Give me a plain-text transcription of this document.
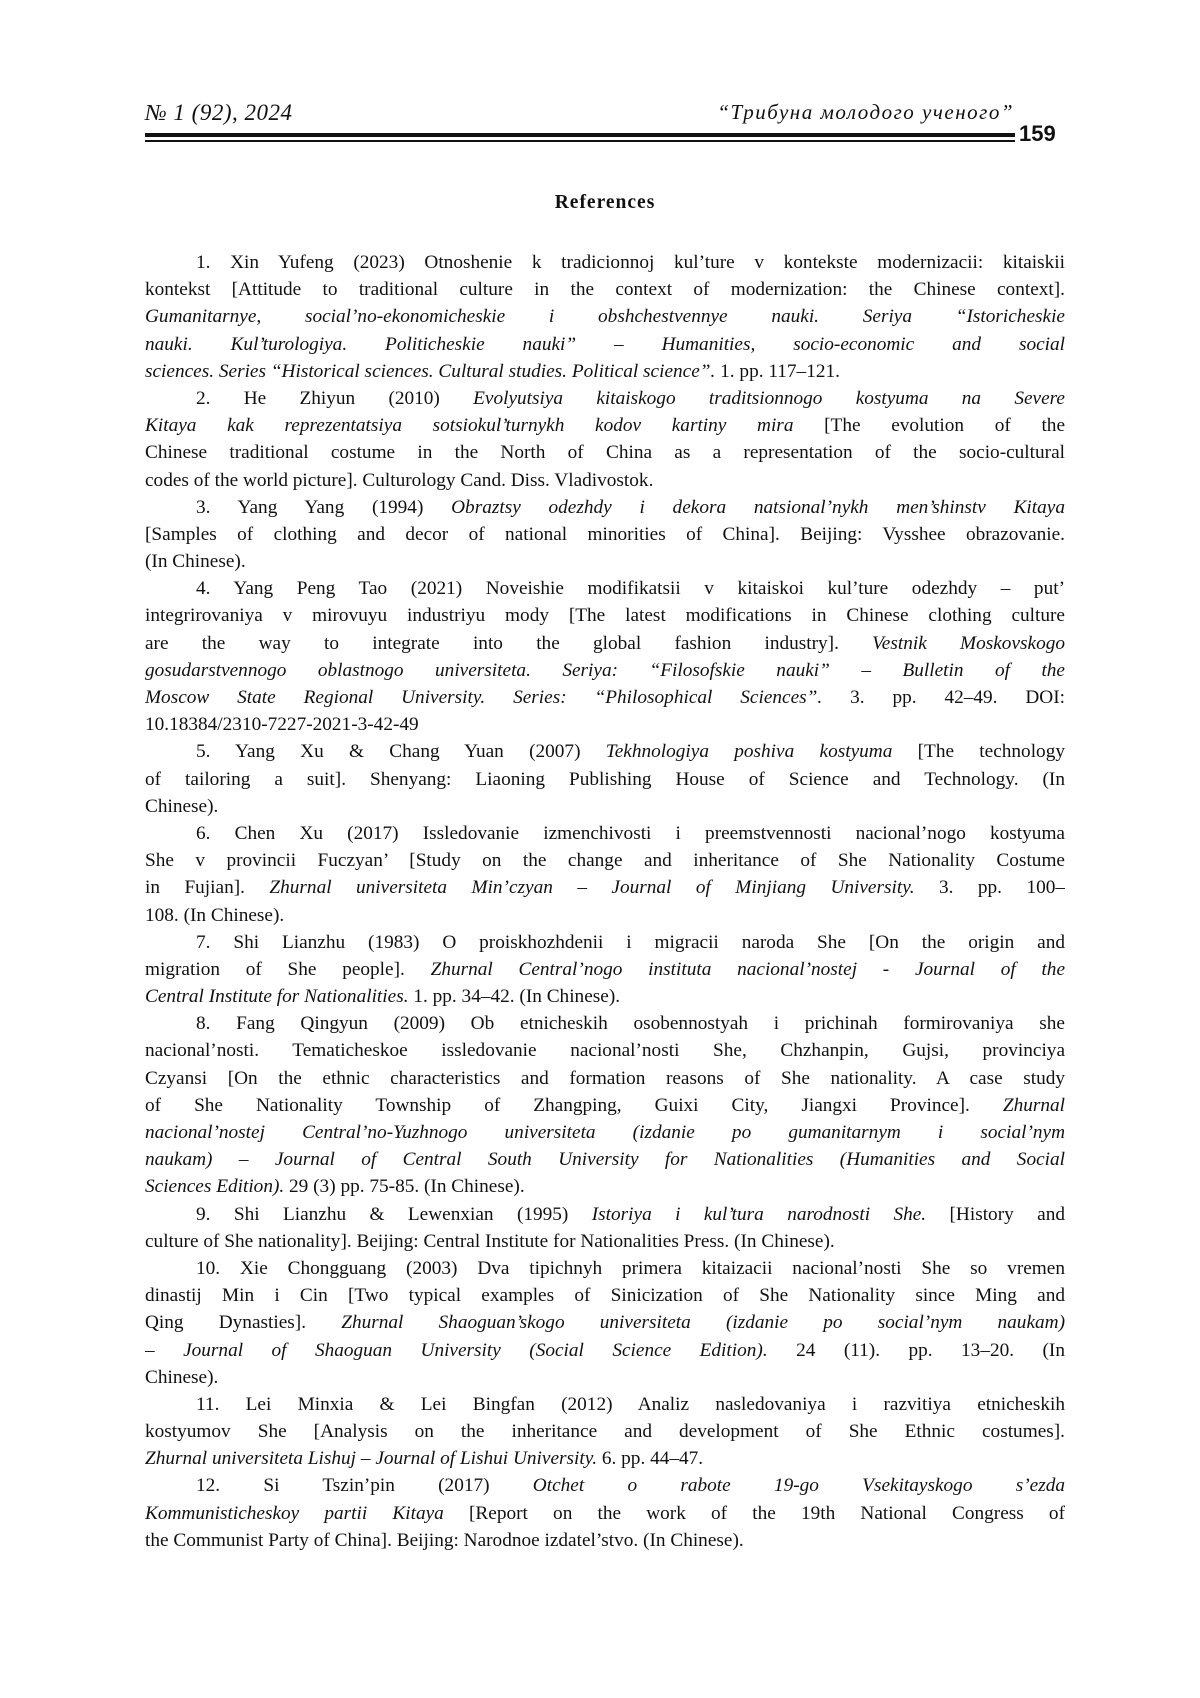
№ 1 (92), 2024	“Трибуна молодого ученого”
159
References
1. Xin Yufeng (2023) Otnoshenie k tradicionnoj kul’ture v kontekste modernizacii: kitaiskii
kontekst [Attitude to traditional culture in the context of modernization: the Chinese context].
Gumanitarnye, social’no-ekonomicheskie i obshchestvennye nauki. Seriya “Istoricheskie
nauki. Kul’turologiya. Politicheskie nauki” – Humanities, socio-economic and social
sciences. Series “Historical sciences. Cultural studies. Political science”. 1. pp. 117–121.
2. He Zhiyun (2010) Evolyutsiya kitaiskogo traditsionnogo kostyuma na Severe
Kitaya kak reprezentatsiya sotsiokul’turnykh kodov kartiny mira [The evolution of the
Chinese traditional costume in the North of China as a representation of the socio-cultural
codes of the world picture]. Culturology Cand. Diss. Vladivostok.
3. Yang Yang (1994) Obraztsy odezhdy i dekora natsional’nykh men’shinstv Kitaya
[Samples of clothing and decor of national minorities of China]. Beijing: Vysshee obrazovanie.
(In Chinese).
4. Yang Peng Tao (2021) Noveishie modifikatsii v kitaiskoi kul’ture odezhdy – put’
integrirovaniya v mirovuyu industriyu mody [The latest modifications in Chinese clothing culture
are the way to integrate into the global fashion industry]. Vestnik Moskovskogo
gosudarstvennogo oblastnogo universiteta. Seriya: “Filosofskie nauki” – Bulletin of the
Moscow State Regional University. Series: “Philosophical Sciences”. 3. pp. 42–49. DOI:
10.18384/2310-7227-2021-3-42-49
5. Yang Xu & Chang Yuan (2007) Tekhnologiya poshiva kostyuma [The technology
of tailoring a suit]. Shenyang: Liaoning Publishing House of Science and Technology. (In
Chinese).
6. Chen Xu (2017) Issledovanie izmenchivosti i preemstvennosti nacional’nogo kostyuma
She v provincii Fuczyan’ [Study on the change and inheritance of She Nationality Costume
in Fujian]. Zhurnal universiteta Min’czyan – Journal of Minjiang University. 3. pp. 100–
108. (In Chinese).
7. Shi Lianzhu (1983) O proiskhozhdenii i migracii naroda She [On the origin and
migration of She people]. Zhurnal Central’nogo instituta nacional’nostej - Journal of the
Central Institute for Nationalities. 1. pp. 34–42. (In Chinese).
8. Fang Qingyun (2009) Ob etnicheskih osobennostyah i prichinah formirovaniya she
nacional’nosti. Tematicheskoe issledovanie nacional’nosti She, Chzhanpin, Gujsi, provinciya
Czyansi [On the ethnic characteristics and formation reasons of She nationality. A case study
of She Nationality Township of Zhangping, Guixi City, Jiangxi Province]. Zhurnal
nacional’nostej Central’no-Yuzhnogo universiteta (izdanie po gumanitarnym i social’nym
naukam) – Journal of Central South University for Nationalities (Humanities and Social
Sciences Edition). 29 (3) pp. 75-85. (In Chinese).
9. Shi Lianzhu & Lewenxian (1995) Istoriya i kul’tura narodnosti She. [History and
culture of She nationality]. Beijing: Central Institute for Nationalities Press. (In Chinese).
10. Xie Chongguang (2003) Dva tipichnyh primera kitaizacii nacional’nosti She so vremen
dinastij Min i Cin [Two typical examples of Sinicization of She Nationality since Ming and
Qing Dynasties]. Zhurnal Shaoguan’skogo universiteta (izdanie po social’nym naukam)
– Journal of Shaoguan University (Social Science Edition). 24 (11). pp. 13–20. (In
Chinese).
11. Lei Minxia & Lei Bingfan (2012) Analiz nasledovaniya i razvitiya etnicheskih
kostyumov She [Analysis on the inheritance and development of She Ethnic costumes].
Zhurnal universiteta Lishuj – Journal of Lishui University. 6. pp. 44–47.
12. Si Tszin’pin (2017) Otchet o rabote 19-go Vsekitayskogo s’ezda
Kommunisticheskoy partii Kitaya [Report on the work of the 19th National Congress of
the Communist Party of China]. Beijing: Narodnoe izdatel’stvo. (In Chinese).
